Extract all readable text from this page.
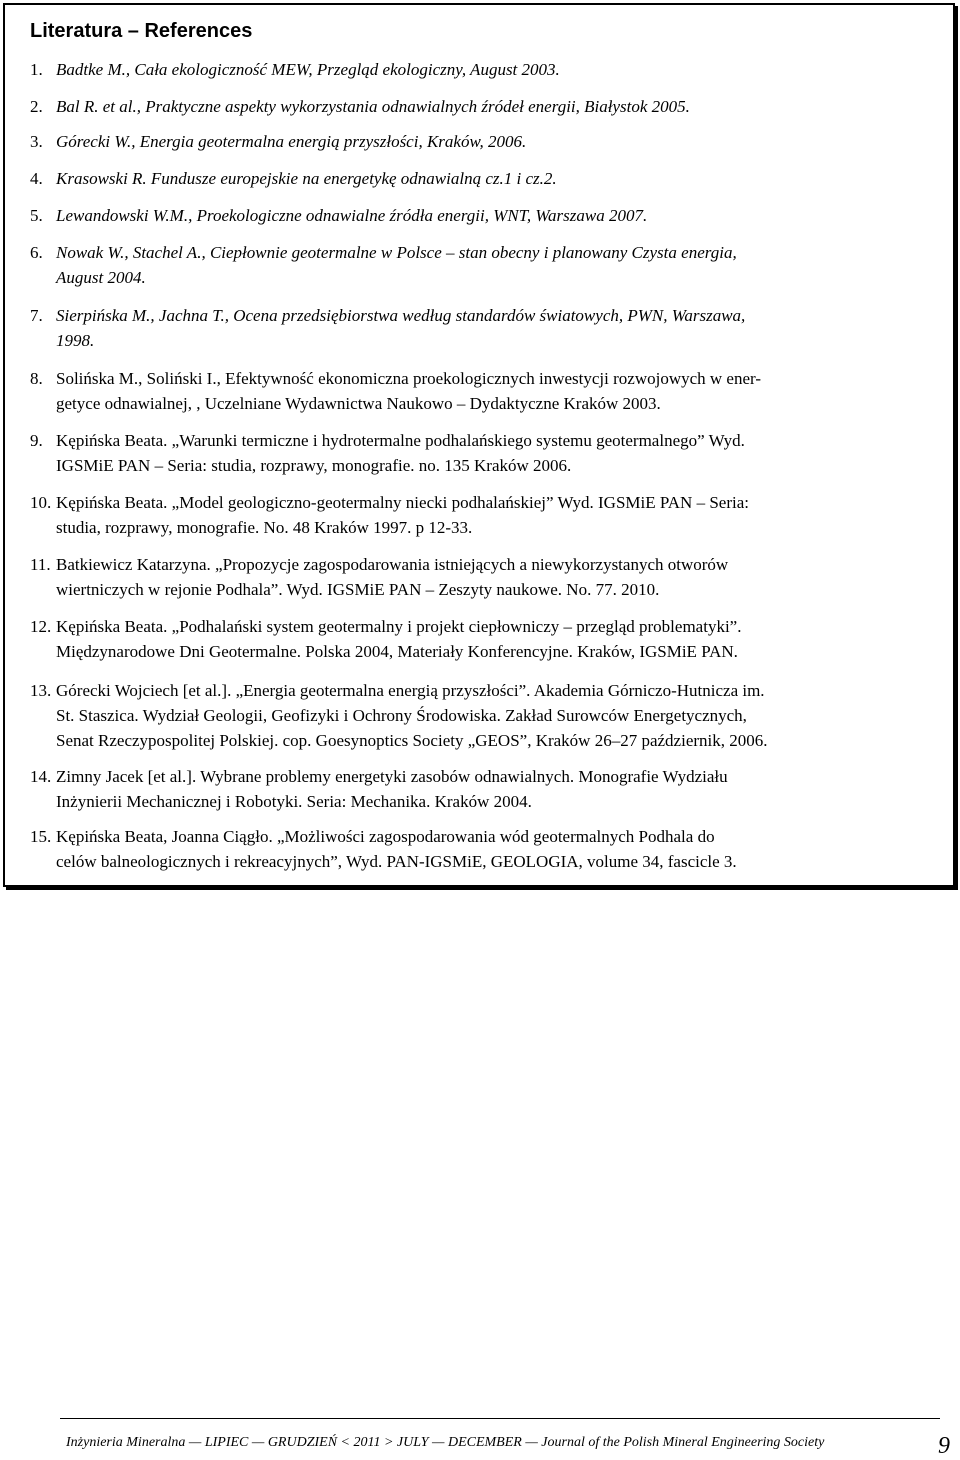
Literatura – References
1. Badtke M., Cała ekologiczność MEW, Przegląd ekologiczny, August 2003.
2. Bal R. et al., Praktyczne aspekty wykorzystania odnawialnych źródeł energii, Białystok 2005.
3. Górecki W., Energia geotermalna energią przyszłości, Kraków, 2006.
4. Krasowski R. Fundusze europejskie na energetykę odnawialną cz.1 i cz.2.
5. Lewandowski W.M., Proekologiczne odnawialne źródła energii, WNT, Warszawa 2007.
6. Nowak W., Stachel A., Ciepłownie geotermalne w Polsce – stan obecny i planowany Czysta energia,
August 2004.
7. Sierpińska M., Jachna T., Ocena przedsiębiorstwa według standardów światowych, PWN, Warszawa,
1998.
8. Solińska M., Soliński I., Efektywność ekonomiczna proekologicznych inwestycji rozwojowych w ener-
getyce odnawialnej, , Uczelniane Wydawnictwa Naukowo – Dydaktyczne Kraków 2003.
9. Kępińska Beata. „Warunki termiczne i hydrotermalne podhalańskiego systemu geotermalnego” Wyd.
IGSMiE PAN – Seria: studia, rozprawy, monografie. no. 135 Kraków 2006.
10. Kępińska Beata. „Model geologiczno-geotermalny niecki podhalańskiej” Wyd. IGSMiE PAN – Seria:
studia, rozprawy, monografie. No. 48 Kraków 1997. p 12-33.
11. Batkiewicz Katarzyna. „Propozycje zagospodarowania istniejących a niewykorzystanych otworów
wiertniczych w rejonie Podhala”. Wyd. IGSMiE PAN – Zeszyty naukowe. No. 77. 2010.
12. Kępińska Beata. „Podhalański system geotermalny i projekt ciepłowniczy – przegląd problematyki”.
Międzynarodowe Dni Geotermalne. Polska 2004, Materiały Konferencyjne. Kraków, IGSMiE PAN.
13. Górecki Wojciech [et al.]. „Energia geotermalna energią przyszłości”. Akademia Górniczo-Hutnicza im.
St. Staszica. Wydział Geologii, Geofizyki i Ochrony Środowiska. Zakład Surowców Energetycznych,
Senat Rzeczypospolitej Polskiej. cop. Goesynoptics Society „GEOS”, Kraków 26–27 październik, 2006.
14. Zimny Jacek [et al.]. Wybrane problemy energetyki zasobów odnawialnych. Monografie Wydziału
Inżynierii Mechanicznej i Robotyki. Seria: Mechanika. Kraków 2004.
15. Kępińska Beata, Joanna Ciągło. „Możliwości zagospodarowania wód geotermalnych Podhala do
celów balneologicznych i rekreacyjnych”, Wyd. PAN-IGSMiE, GEOLOGIA, volume 34, fascicle 3.
Inżynieria Mineralna — LIPIEC — GRUDZIEŃ < 2011 > JULY — DECEMBER — Journal of the Polish Mineral Engineering Society	9
